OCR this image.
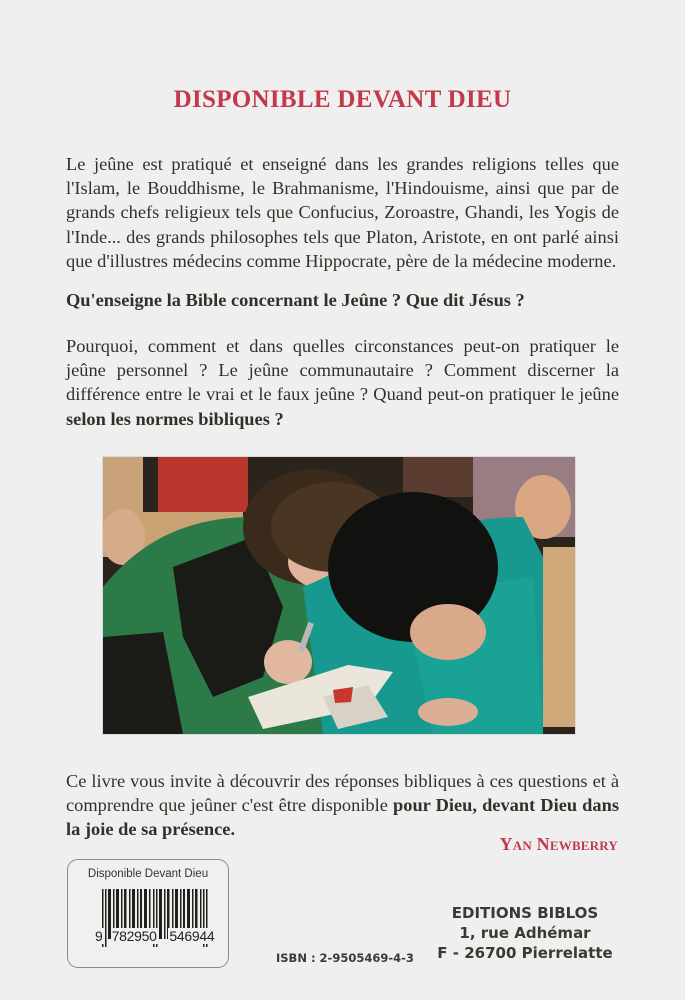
DISPONIBLE DEVANT DIEU
Le jeûne est pratiqué et enseigné dans les grandes religions telles que l'Islam, le Bouddhisme, le Brahmanisme, l'Hindouisme, ainsi que par de grands chefs religieux tels que Confucius, Zoroastre, Ghandi, les Yogis de l'Inde... des grands philosophes tels que Platon, Aristote, en ont parlé ainsi que d'illustres médecins comme Hippocrate, père de la médecine moderne.
Qu'enseigne la Bible concernant le Jeûne ? Que dit Jésus ?
Pourquoi, comment et dans quelles circonstances peut-on pratiquer le jeûne personnel ? Le jeûne communautaire ? Comment discerner la différence entre le vrai et le faux jeûne ? Quand peut-on pratiquer le jeûne selon les normes bibliques ?
Ce livre vous invite à découvrir des réponses bibliques à ces questions et à comprendre que jeûner c'est être disponible pour Dieu, devant Dieu dans la joie de sa présence.
Yan Newberry
Disponible Devant Dieu
9 782950 546944
ISBN : 2-9505469-4-3
EDITIONS BIBLOS
1, rue Adhémar
F - 26700 Pierrelatte
